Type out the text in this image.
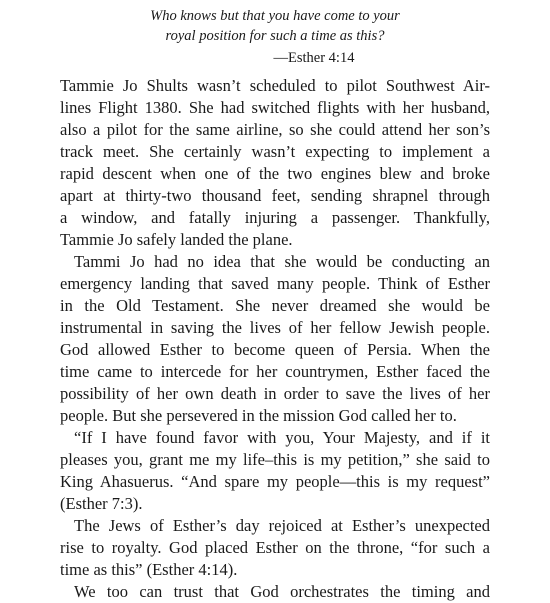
Who knows but that you have come to your
royal position for such a time as this?
—Esther 4:14
Tammie Jo Shults wasn’t scheduled to pilot Southwest Air-
lines Flight 1380. She had switched flights with her husband,
also a pilot for the same airline, so she could attend her son’s
track meet. She certainly wasn’t expecting to implement a
rapid descent when one of the two engines blew and broke
apart at thirty-two thousand feet, sending shrapnel through
a window, and fatally injuring a passenger. Thankfully,
Tammie Jo safely landed the plane.
Tammi Jo had no idea that she would be conducting an
emergency landing that saved many people. Think of Esther
in the Old Testament. She never dreamed she would be
instrumental in saving the lives of her fellow Jewish people.
God allowed Esther to become queen of Persia. When the
time came to intercede for her countrymen, Esther faced the
possibility of her own death in order to save the lives of her
people. But she persevered in the mission God called her to.
“If I have found favor with you, Your Majesty, and if it
pleases you, grant me my life–this is my petition,” she said to
King Ahasuerus. “And spare my people—this is my request”
(Esther 7:3).
The Jews of Esther’s day rejoiced at Esther’s unexpected
rise to royalty. God placed Esther on the throne, “for such a
time as this” (Esther 4:14).
We too can trust that God orchestrates the timing and
